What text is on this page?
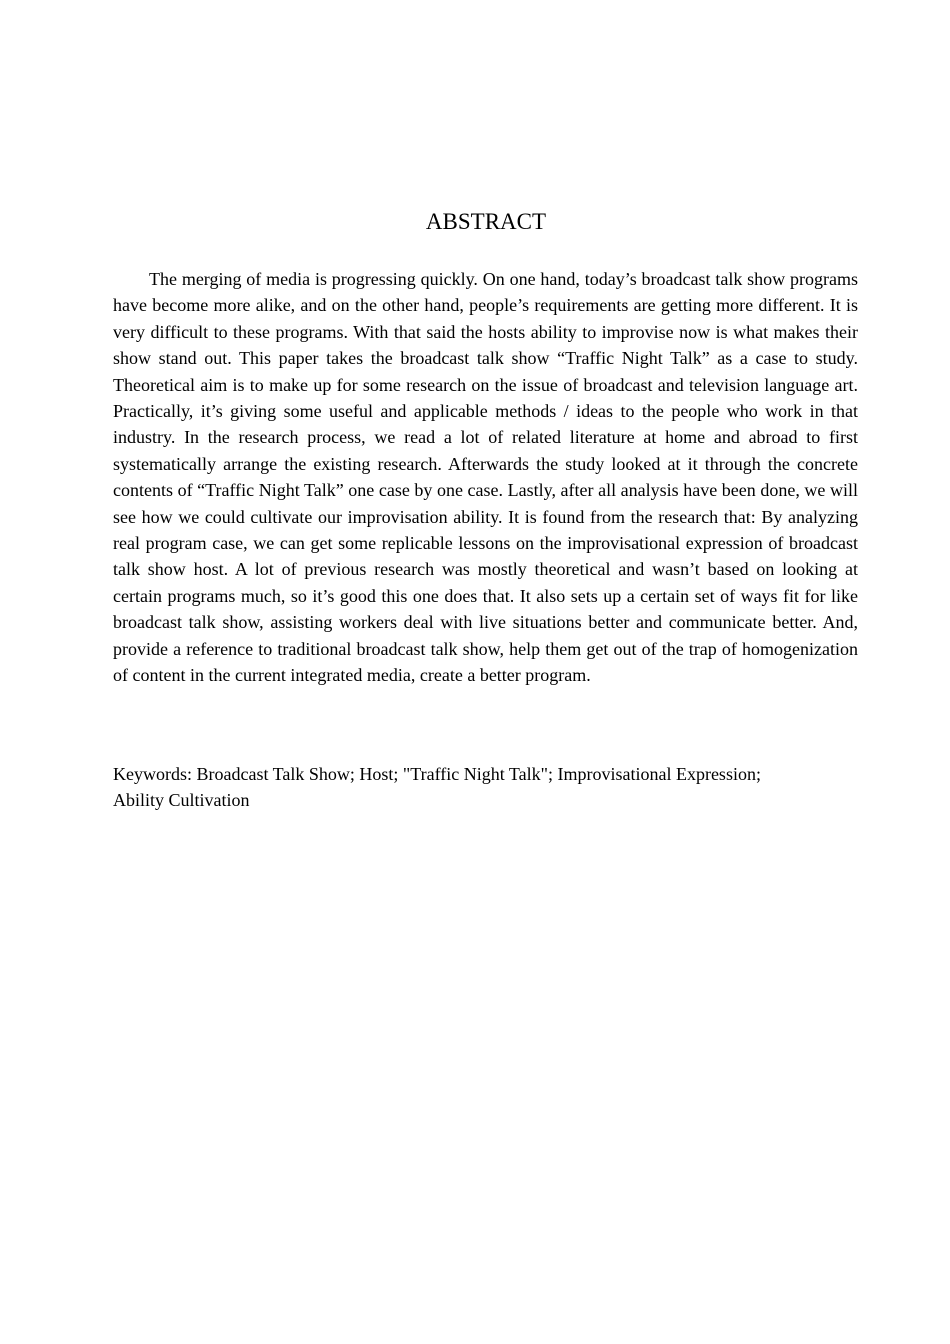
ABSTRACT

The merging of media is progressing quickly. On one hand, today’s broadcast talk show programs have become more alike, and on the other hand, people’s requirements are getting more different. It is very difficult to these programs. With that said the hosts ability to improvise now is what makes their show stand out. This paper takes the broadcast talk show “Traffic Night Talk” as a case to study. Theoretical aim is to make up for some research on the issue of broadcast and television language art. Practically, it’s giving some useful and applicable methods / ideas to the people who work in that industry. In the research process, we read a lot of related literature at home and abroad to first systematically arrange the existing research. Afterwards the study looked at it through the concrete contents of “Traffic Night Talk” one case by one case. Lastly, after all analysis have been done, we will see how we could cultivate our improvisation ability. It is found from the research that: By analyzing real program case, we can get some replicable lessons on the improvisational expression of broadcast talk show host. A lot of previous research was mostly theoretical and wasn’t based on looking at certain programs much, so it’s good this one does that. It also sets up a certain set of ways fit for like broadcast talk show, assisting workers deal with live situations better and communicate better. And, provide a reference to traditional broadcast talk show, help them get out of the trap of homogenization of content in the current integrated media, create a better program.

Keywords: Broadcast Talk Show; Host; "Traffic Night Talk"; Improvisational Expression;
Ability Cultivation
